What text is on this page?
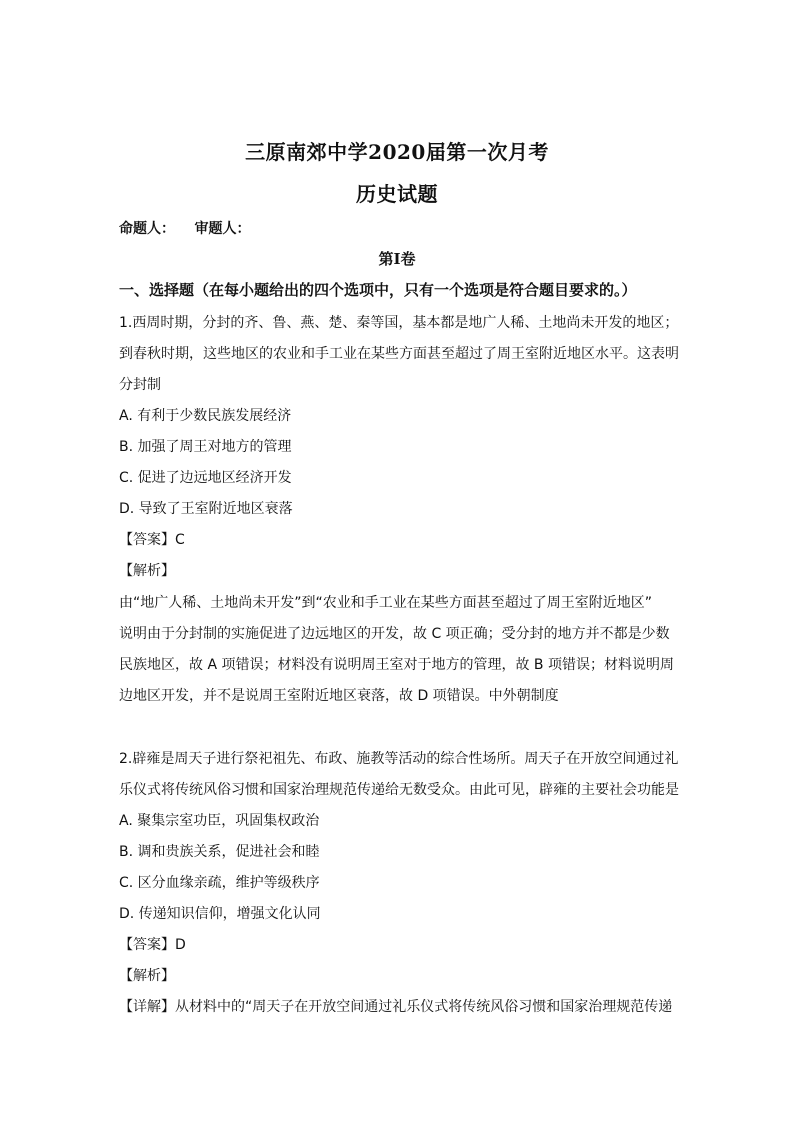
三原南郊中学2020届第一次月考
历史试题
命题人：    审题人：
第Ⅰ卷
一、选择题（在每小题给出的四个选项中，只有一个选项是符合题目要求的。）
1.西周时期，分封的齐、鲁、燕、楚、秦等国，基本都是地广人稀、土地尚未开发的地区；
到春秋时期，这些地区的农业和手工业在某些方面甚至超过了周王室附近地区水平。这表明
分封制
A. 有利于少数民族发展经济
B. 加强了周王对地方的管理
C. 促进了边远地区经济开发
D. 导致了王室附近地区衰落
【答案】C
【解析】
由“地广人稀、土地尚未开发”到“农业和手工业在某些方面甚至超过了周王室附近地区”
说明由于分封制的实施促进了边远地区的开发，故 C 项正确；受分封的地方并不都是少数
民族地区，故 A 项错误；材料没有说明周王室对于地方的管理，故 B 项错误；材料说明周
边地区开发，并不是说周王室附近地区衰落，故 D 项错误。中外朝制度
2.辟雍是周天子进行祭祀祖先、布政、施教等活动的综合性场所。周天子在开放空间通过礼
乐仪式将传统风俗习惯和国家治理规范传递给无数受众。由此可见，辟雍的主要社会功能是
A. 聚集宗室功臣，巩固集权政治
B. 调和贵族关系，促进社会和睦
C. 区分血缘亲疏，维护等级秩序
D. 传递知识信仰，增强文化认同
【答案】D
【解析】
【详解】从材料中的“周天子在开放空间通过礼乐仪式将传统风俗习惯和国家治理规范传递
